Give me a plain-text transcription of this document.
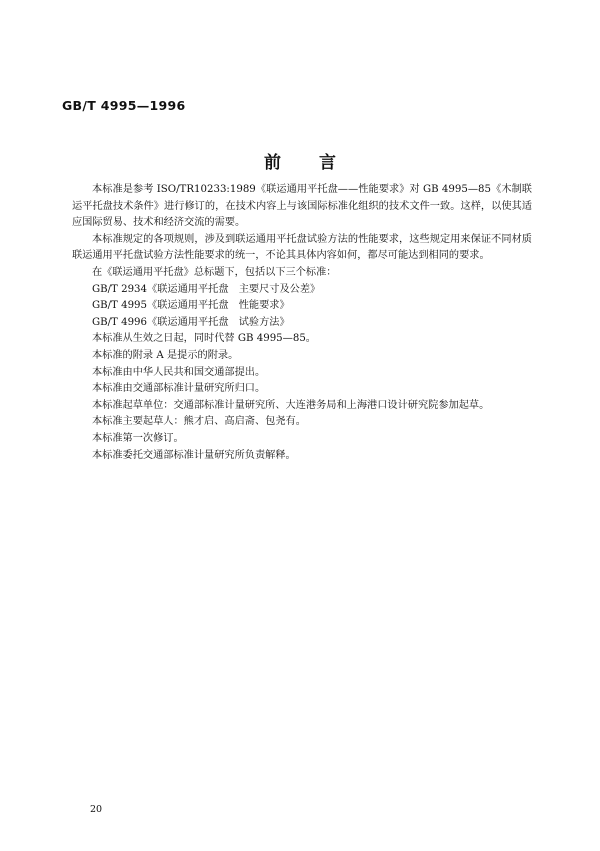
GB/T 4995—1996
前言

本标准是参考 ISO/TR10233:1989《联运通用平托盘——性能要求》对 GB 4995—85《木制联运平托盘技术条件》进行修订的，在技术内容上与该国际标准化组织的技术文件一致。这样，以使其适应国际贸易、技术和经济交流的需要。

本标准规定的各项规则，涉及到联运通用平托盘试验方法的性能要求，这些规定用来保证不同材质联运通用平托盘试验方法性能要求的统一，不论其具体内容如何，都尽可能达到相同的要求。

在《联运通用平托盘》总标题下，包括以下三个标准：

GB/T 2934《联运通用平托盘　主要尺寸及公差》

GB/T 4995《联运通用平托盘　性能要求》

GB/T 4996《联运通用平托盘　试验方法》

本标准从生效之日起，同时代替 GB 4995—85。

本标准的附录 A 是提示的附录。

本标准由中华人民共和国交通部提出。

本标准由交通部标准计量研究所归口。

本标准起草单位：交通部标准计量研究所、大连港务局和上海港口设计研究院参加起草。

本标准主要起草人：熊才启、高启斋、包尧有。

本标准第一次修订。

本标准委托交通部标准计量研究所负责解释。

20
